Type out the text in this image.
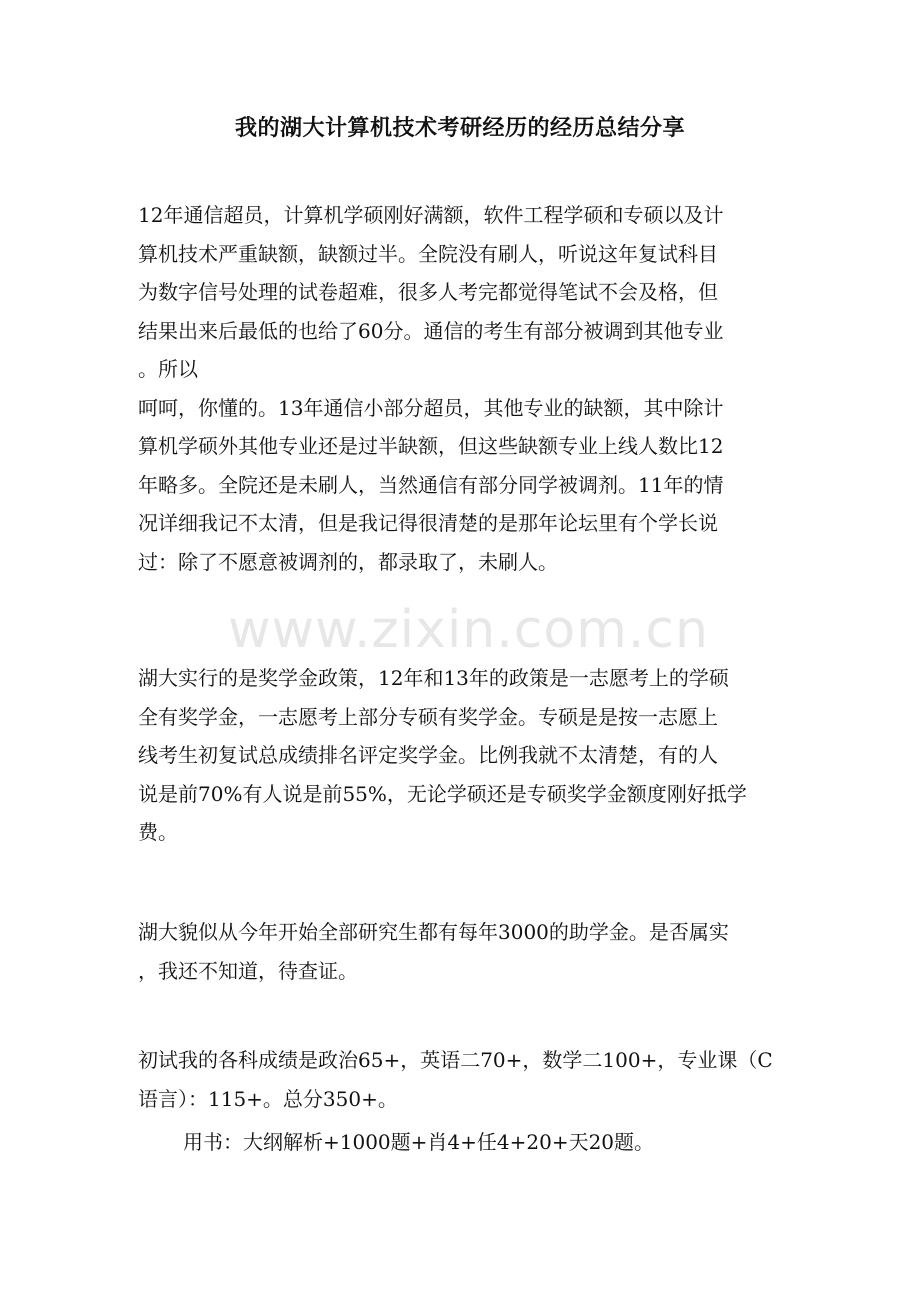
我的湖大计算机技术考研经历的经历总结分享
12年通信超员，计算机学硕刚好满额，软件工程学硕和专硕以及计
算机技术严重缺额，缺额过半。全院没有刷人，听说这年复试科目
为数字信号处理的试卷超难，很多人考完都觉得笔试不会及格，但
结果出来后最低的也给了60分。通信的考生有部分被调到其他专业
。所以
呵呵，你懂的。13年通信小部分超员，其他专业的缺额，其中除计
算机学硕外其他专业还是过半缺额，但这些缺额专业上线人数比12
年略多。全院还是未刷人，当然通信有部分同学被调剂。11年的情
况详细我记不太清，但是我记得很清楚的是那年论坛里有个学长说
过：除了不愿意被调剂的，都录取了，未刷人。
www.zixin.com.cn
湖大实行的是奖学金政策，12年和13年的政策是一志愿考上的学硕
全有奖学金，一志愿考上部分专硕有奖学金。专硕是是按一志愿上
线考生初复试总成绩排名评定奖学金。比例我就不太清楚，有的人
说是前70%有人说是前55%，无论学硕还是专硕奖学金额度刚好抵学
费。
湖大貌似从今年开始全部研究生都有每年3000的助学金。是否属实
，我还不知道，待查证。
初试我的各科成绩是政治65+，英语二70+，数学二100+，专业课（C
语言）：115+。总分350+。
用书：大纲解析+1000题+肖4+任4+20+天20题。
